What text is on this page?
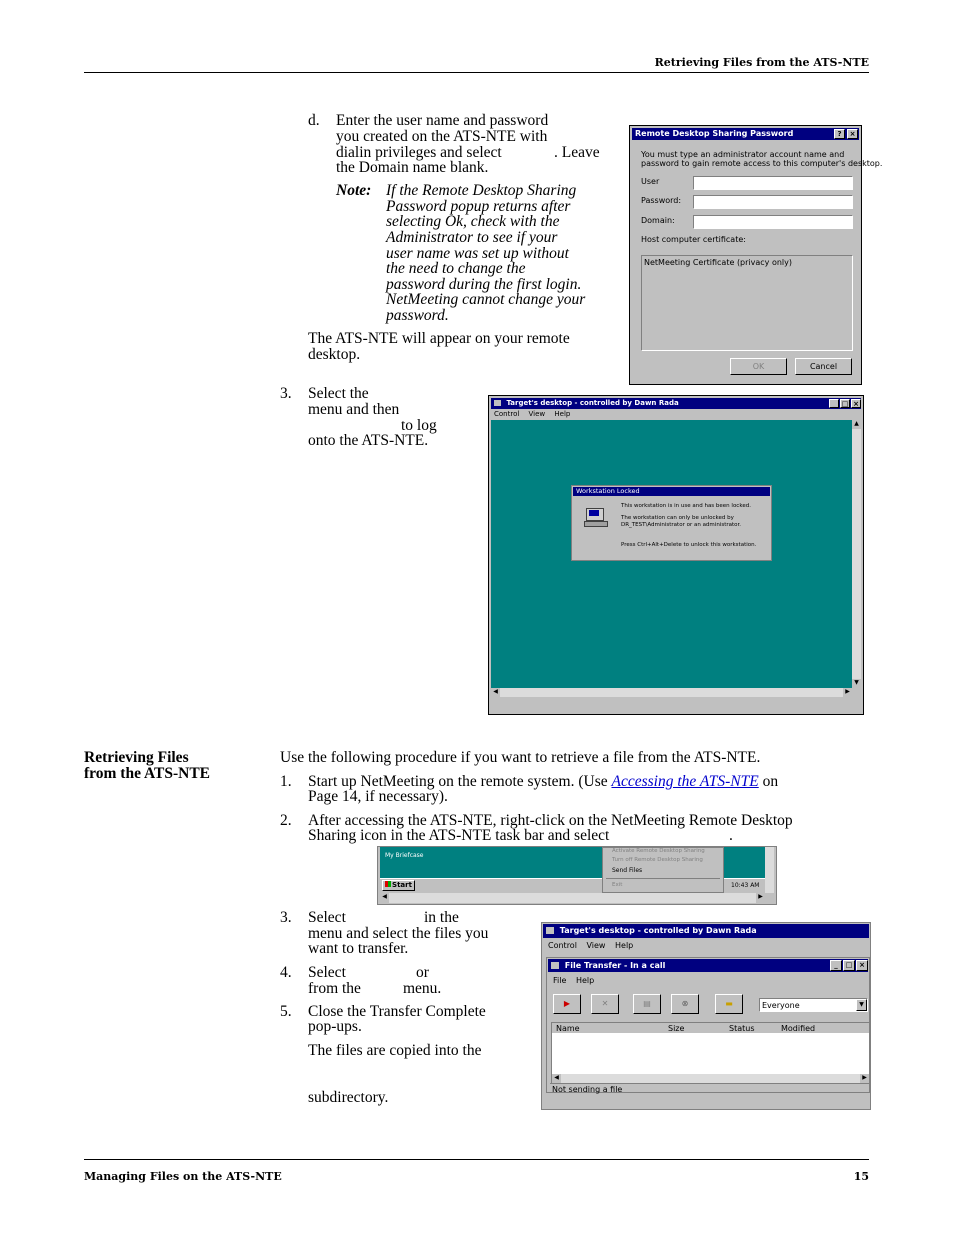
Retrieving Files from the ATS-NTE
d. Enter the user name and password
you created on the ATS-NTE with
dialin privileges and select	. Leave
the Domain name blank.
Note: If the Remote Desktop Sharing
Password popup returns after
selecting Ok, check with the
Administrator to see if your
user name was set up without
the need to change the
password during the first login.
NetMeeting cannot change your
password.
The ATS-NTE will appear on your remote
desktop.
Remote Desktop Sharing Password	?	×
You must type an administrator account name and
password to gain remote access to this computer's desktop.
User
Password:
Domain:
Host computer certificate:
NetMeeting Certificate (privacy only)
OK	Cancel
3. Select the
menu and then
to log
onto the ATS-NTE.
Target's desktop - controlled by Dawn Rada	_ □ ×
Control View Help
▲
▼
◀	▶
Workstation Locked
This workstation is in use and has been locked.
The workstation can only be unlocked by
DR_TEST\Administrator or an administrator.
Press Ctrl+Alt+Delete to unlock this workstation.
Retrieving Files
from the ATS-NTE
Use the following procedure if you want to retrieve a file from the ATS-NTE.
1. Start up NetMeeting on the remote system. (Use Accessing the ATS-NTE on
Page 14, if necessary).
2. After accessing the ATS-NTE, right-click on the NetMeeting Remote Desktop
Sharing icon in the ATS-NTE task bar and select	.
My Briefcase
Start
Activate Remote Desktop Sharing
Turn off Remote Desktop Sharing
Send Files
Exit	10:43 AM
◀	▶
3. Select	in the
menu and select the files you
want to transfer.
4. Select	or
from the	menu.
5. Close the Transfer Complete
pop-ups.
The files are copied into the
subdirectory.
Target's desktop - controlled by Dawn Rada
Control View Help
File Transfer - In a call	_	□ ×
File Help
▶	✕	▤	⊗	▬	Everyone	▼
Name	Size	Status	Modified
◀	▶
Not sending a file
Managing Files on the ATS-NTE	15
